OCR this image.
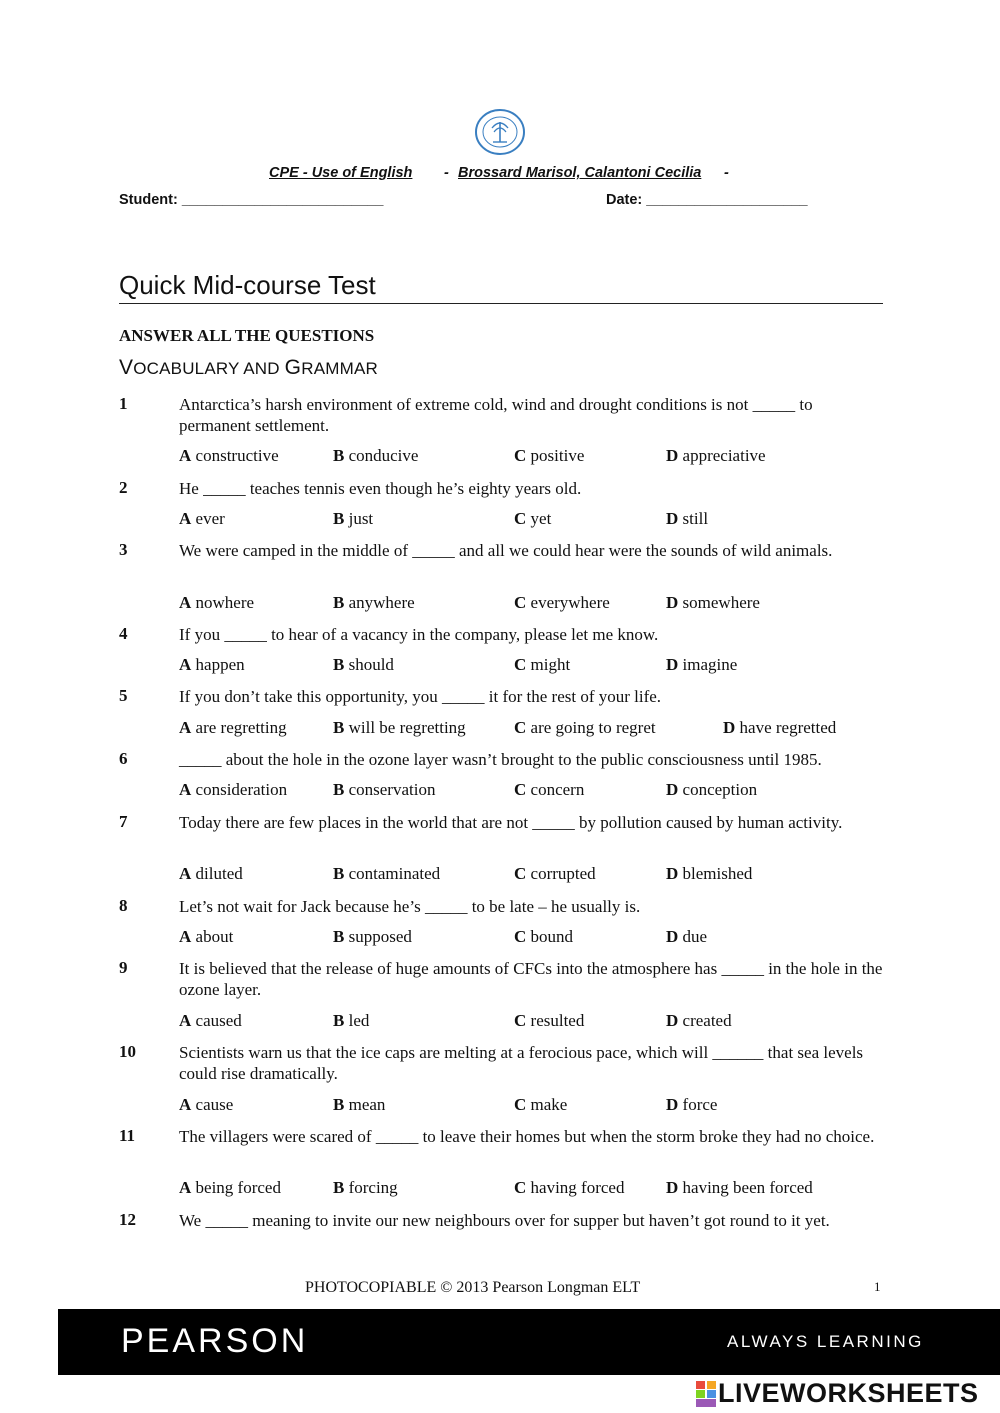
CPE - Use of English - Brossard Marisol, Calantoni Cecilia -
Student: _________________________	Date: ____________________
Quick Mid-course Test
ANSWER ALL THE QUESTIONS
VOCABULARY AND GRAMMAR
1	Antarctica’s harsh environment of extreme cold, wind and drought conditions is not _____ to permanent settlement.
A constructive	B conducive	C positive	D appreciative
2	He _____ teaches tennis even though he’s eighty years old.
A ever	B just	C yet	D still
3	We were camped in the middle of _____ and all we could hear were the sounds of wild animals.
A nowhere	B anywhere	C everywhere	D somewhere
4	If you _____ to hear of a vacancy in the company, please let me know.
A happen	B should	C might	D imagine
5	If you don’t take this opportunity, you _____ it for the rest of your life.
A are regretting	B will be regretting	C are going to regret	D have regretted
6	_____ about the hole in the ozone layer wasn’t brought to the public consciousness until 1985.
A consideration	B conservation	C concern	D conception
7	Today there are few places in the world that are not _____ by pollution caused by human activity.
A diluted	B contaminated	C corrupted	D blemished
8	Let’s not wait for Jack because he’s _____ to be late – he usually is.
A about	B supposed	C bound	D due
9	It is believed that the release of huge amounts of CFCs into the atmosphere has _____ in the hole in the ozone layer.
A caused	B led	C resulted	D created
10	Scientists warn us that the ice caps are melting at a ferocious pace, which will ______ that sea levels could rise dramatically.
A cause	B mean	C make	D force
11	The villagers were scared of _____ to leave their homes but when the storm broke they had no choice.
A being forced	B forcing	C having forced D having been forced
12	We _____ meaning to invite our new neighbours over for supper but haven’t got round to it yet.
PHOTOCOPIABLE © 2013 Pearson Longman ELT	1
PEARSON	ALWAYS LEARNING
LIVEWORKSHEETS
